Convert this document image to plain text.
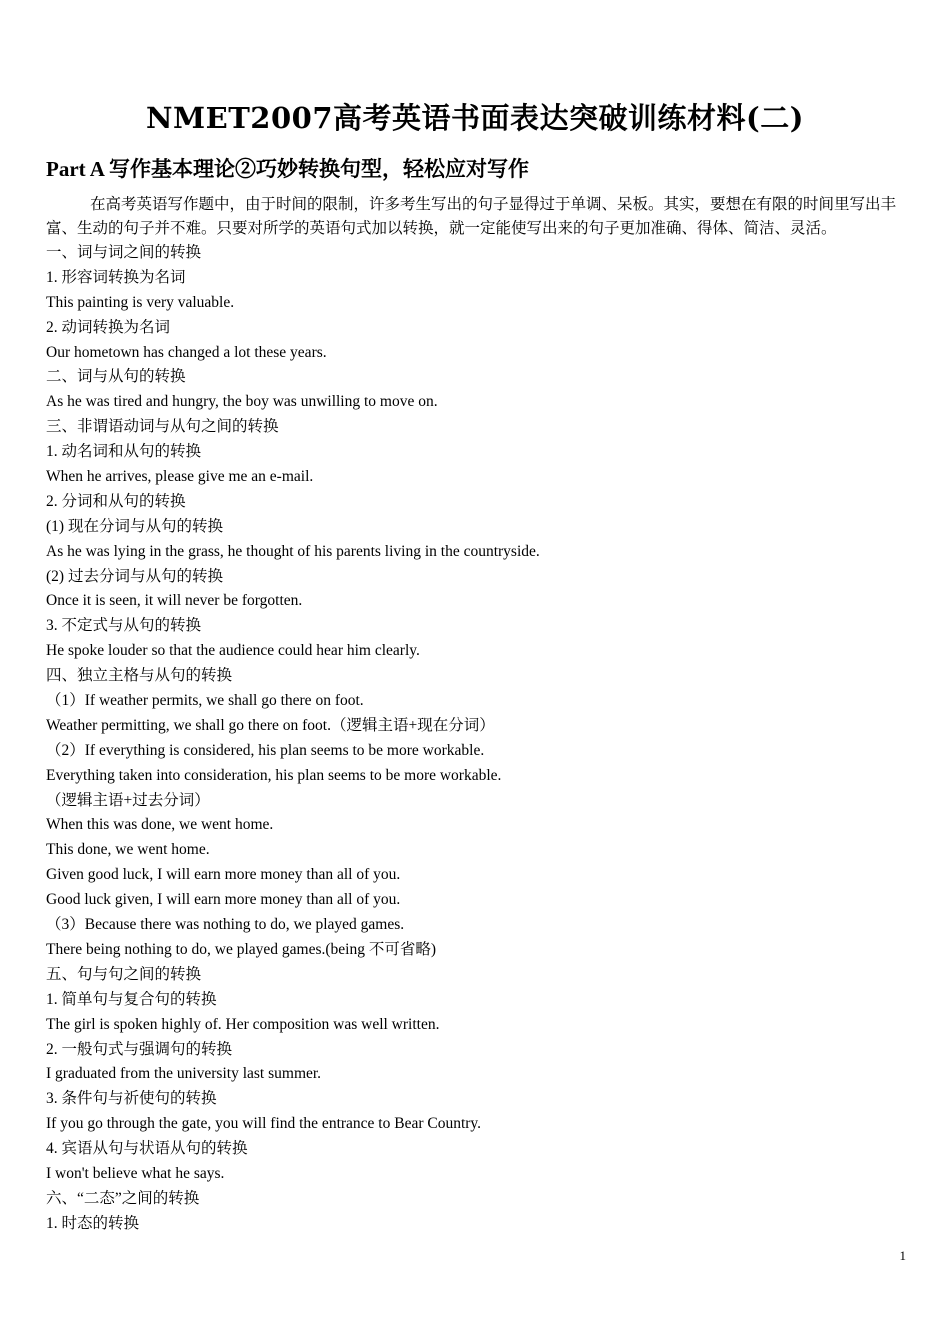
NMET2007高考英语书面表达突破训练材料(二)
Part A 写作基本理论②巧妙转换句型，轻松应对写作

在高考英语写作题中，由于时间的限制，许多考生写出的句子显得过于单调、呆板。其实，要想在有限的时间里写出丰富、生动的句子并不难。只要对所学的英语句式加以转换，就一定能使写出来的句子更加准确、得体、简洁、灵活。

一、词与词之间的转换
1. 形容词转换为名词
This painting is very valuable.
2. 动词转换为名词
Our hometown has changed a lot these years.
二、词与从句的转换
As he was tired and hungry, the boy was unwilling to move on.
三、非谓语动词与从句之间的转换
1. 动名词和从句的转换
When he arrives, please give me an e-mail.
2. 分词和从句的转换
(1) 现在分词与从句的转换
As he was lying in the grass, he thought of his parents living in the countryside.
(2) 过去分词与从句的转换
Once it is seen, it will never be forgotten.
3. 不定式与从句的转换
He spoke louder so that the audience could hear him clearly.
四、独立主格与从句的转换
（1）If weather permits, we shall go there on foot.
Weather permitting, we shall go there on foot.（逻辑主语+现在分词）
（2）If everything is considered, his plan seems to be more workable.
Everything taken into consideration, his plan seems to be more workable.
（逻辑主语+过去分词）
When this was done, we went home.
This done, we went home.
Given good luck, I will earn more money than all of you.
Good luck given, I will earn more money than all of you.
（3）Because there was nothing to do, we played games.
There being nothing to do, we played games.(being 不可省略)
五、句与句之间的转换
1. 简单句与复合句的转换
The girl is spoken highly of. Her composition was well written.
2. 一般句式与强调句的转换
I graduated from the university last summer.
3. 条件句与祈使句的转换
If you go through the gate, you will find the entrance to Bear Country.
4. 宾语从句与状语从句的转换
I won't believe what he says.
六、“二态”之间的转换
1. 时态的转换
1
